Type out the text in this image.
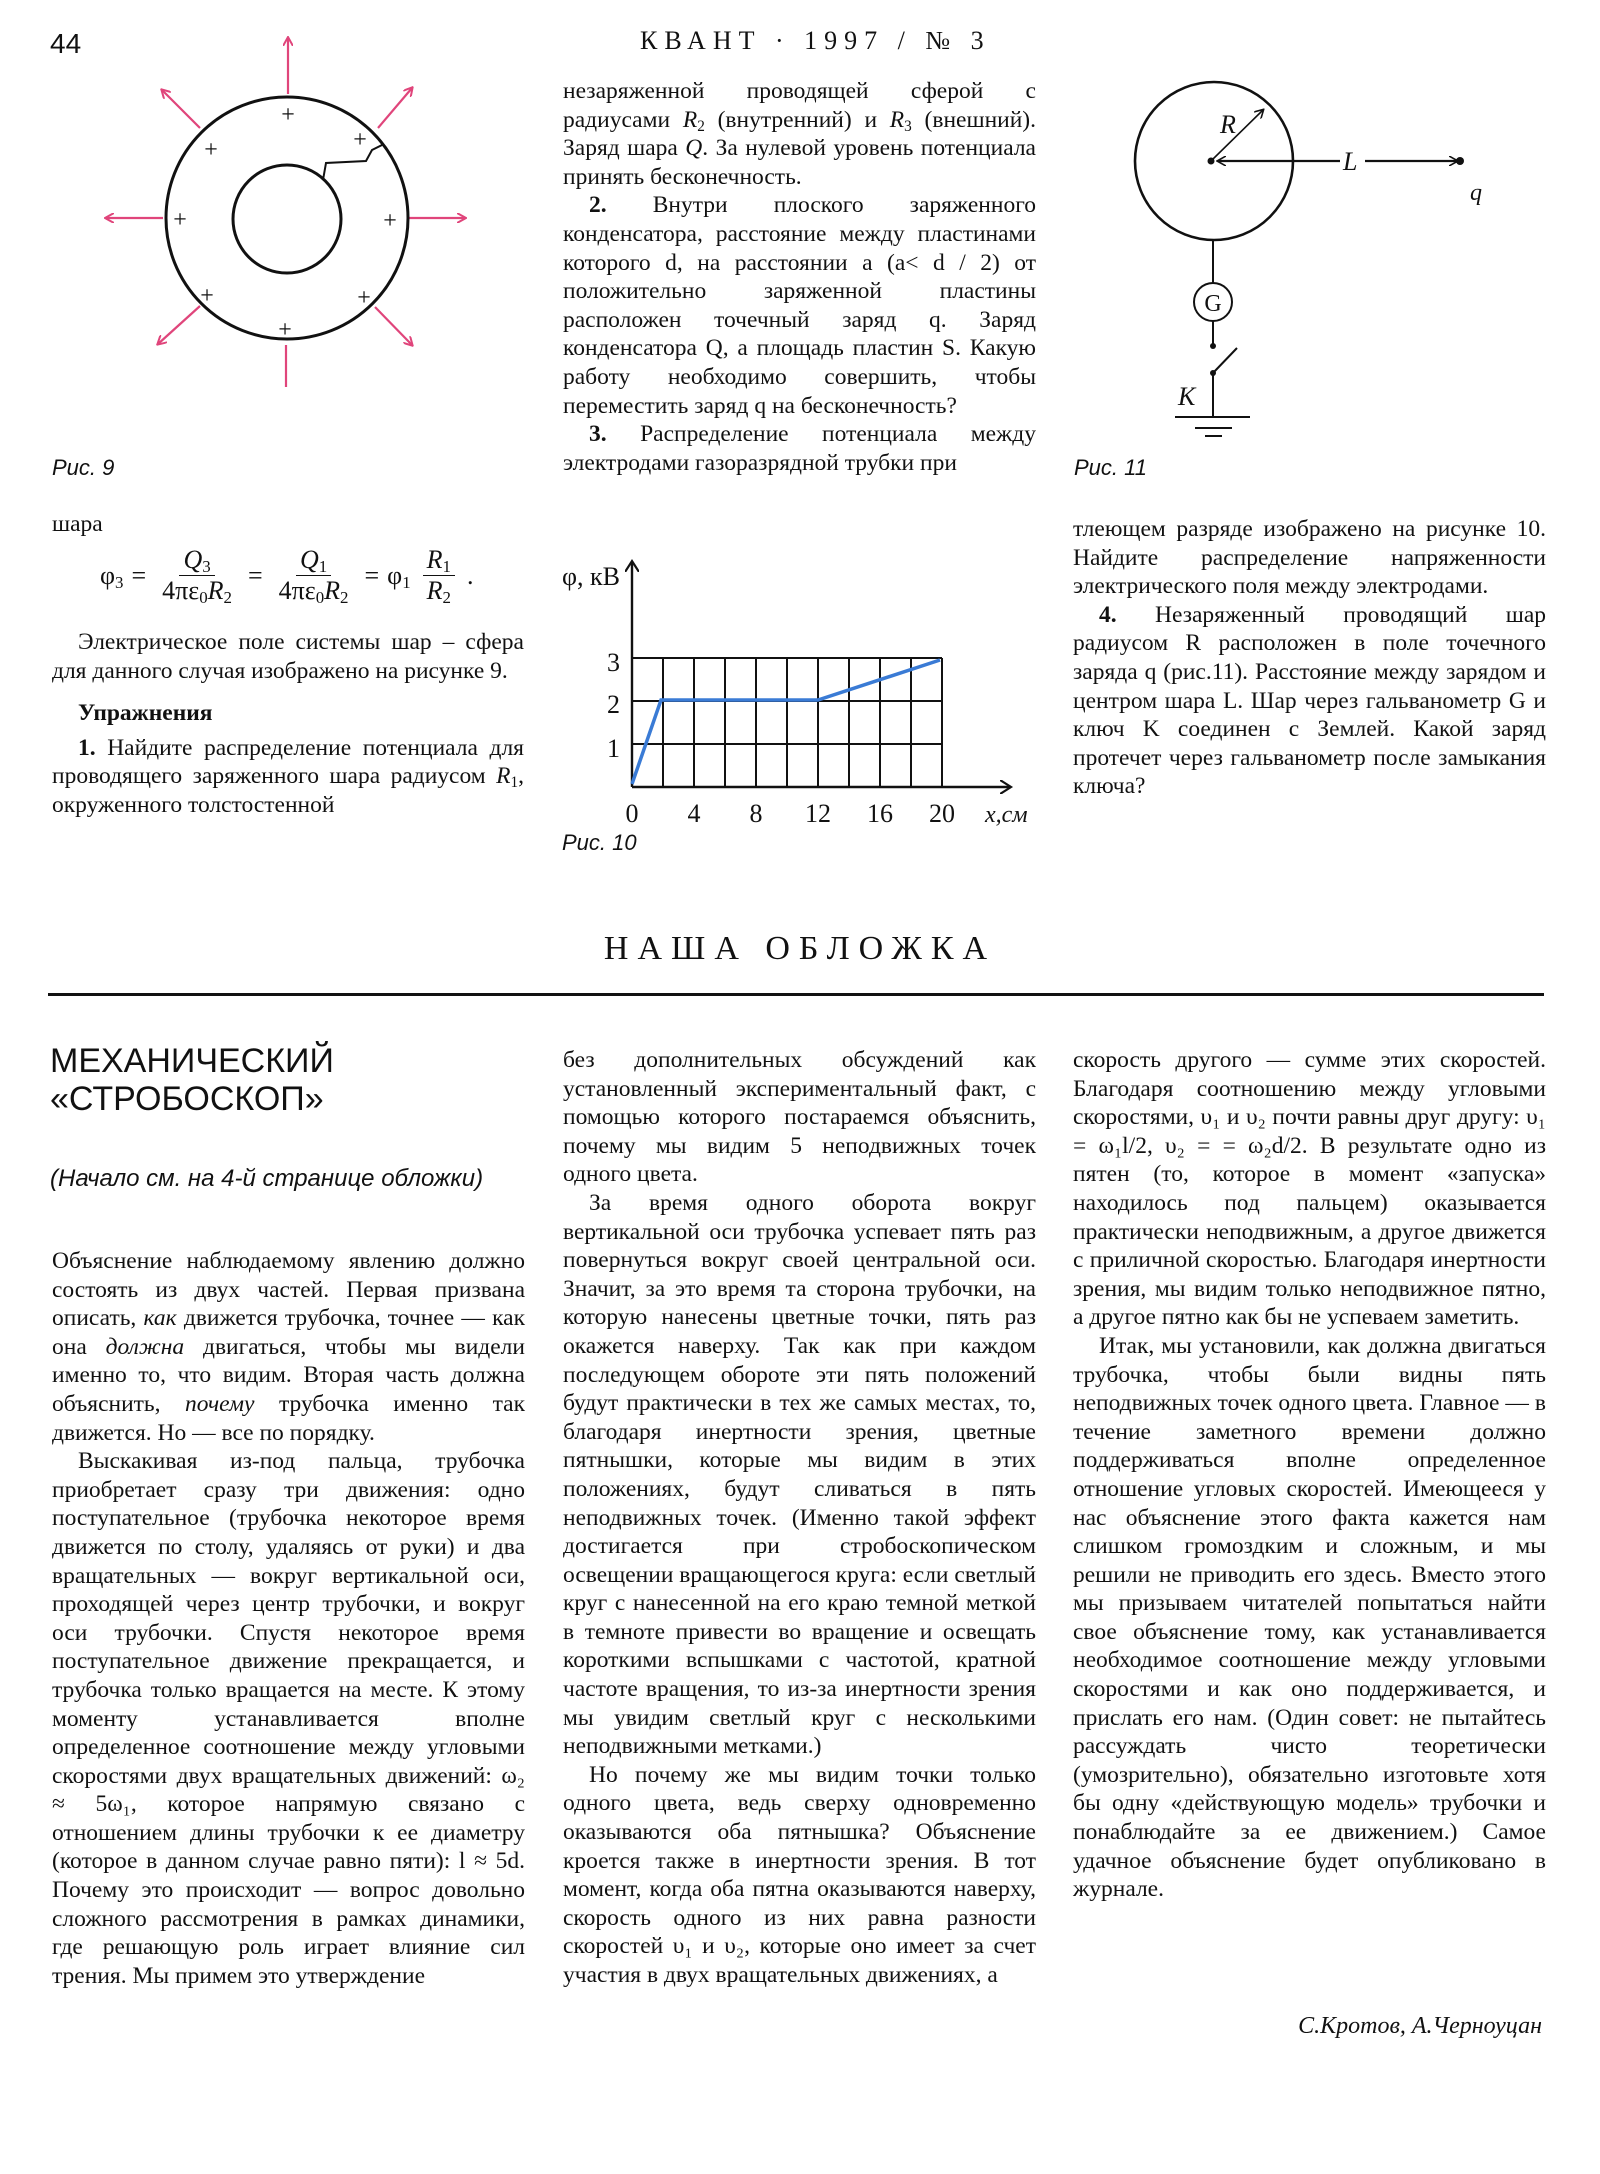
44	КВАНТ · 1997 / № 3
+
+	+
+	+
+	+
+
Рис. 9

шара

$\varphi_3 = \frac{Q_3}{4\pi\varepsilon_0R_2} = \frac{Q_1}{4\pi\varepsilon_0R_2} = \varphi_1 \frac{R_1}{R_2}$ .

Электрическое поле системы шар – сфера для данного случая изображено на рисунке 9.

Упражнения

1. Найдите распределение потенциала для проводящего заряженного шара радиусом $R_1$, окруженного толстостенной

незаряженной проводящей сферой с радиусами $R_2$ (внутренний) и $R_3$ (внешний). Заряд шара Q. За нулевой уровень потенциала принять бесконечность.

2. Внутри плоского заряженного конденсатора, расстояние между пластинами которого d, на расстоянии a (a< d / 2) от положительно заряженной пластины расположен точечный заряд q. Заряд конденсатора Q, а площадь пластин S. Какую работу необходимо совершить, чтобы переместить заряд q на бесконечность?

3. Распределение потенциала между электродами газоразрядной трубки при

3
2
1
0 4 8 12 16 20
φ, кВ
x,см
Рис. 10
R
L
q
G
K
Рис. 11

тлеющем разряде изображено на рисунке 10. Найдите распределение напряженности электрического поля между электродами.

4. Незаряженный проводящий шар радиусом R расположен в поле точечного заряда q (рис.11). Расстояние между зарядом и центром шара L. Шар через гальванометр G и ключ K соединен с Землей. Какой заряд протечет через гальванометр после замыкания ключа?

НАША ОБЛОЖКА
МЕХАНИЧЕСКИЙ
«СТРОБОСКОП»
(Начало см. на 4-й странице обложки)

Объяснение наблюдаемому явлению должно состоять из двух частей. Первая призвана описать, как движется трубочка, точнее — как она должна двигаться, чтобы мы видели именно то, что видим. Вторая часть должна объяснить, почему трубочка именно так движется. Но — все по порядку.

Выскакивая из-под пальца, трубочка приобретает сразу три движения: одно поступательное (трубочка некоторое время движется по столу, удаляясь от руки) и два вращательных — вокруг вертикальной оси, проходящей через центр трубочки, и вокруг оси трубочки. Спустя некоторое время поступательное движение прекращается, и трубочка только вращается на месте. К этому моменту устанавливается вполне определенное соотношение между угловыми скоростями двух вращательных движений: ω₂ ≈ 5ω₁, которое напрямую связано с отношением длины трубочки к ее диаметру (которое в данном случае равно пяти): l ≈ 5d. Почему это происходит — вопрос довольно сложного рассмотрения в рамках динамики, где решающую роль играет влияние сил трения. Мы примем это утверждение

без дополнительных обсуждений как установленный экспериментальный факт, с помощью которого постараемся объяснить, почему мы видим 5 неподвижных точек одного цвета.

За время одного оборота вокруг вертикальной оси трубочка успевает пять раз повернуться вокруг своей центральной оси. Значит, за это время та сторона трубочки, на которую нанесены цветные точки, пять раз окажется наверху. Так как при каждом последующем обороте эти пять положений будут практически в тех же самых местах, то, благодаря инертности зрения, цветные пятнышки, которые мы видим в этих положениях, будут сливаться в пять неподвижных точек. (Именно такой эффект достигается при стробоскопическом освещении вращающегося круга: если светлый круг с нанесенной на его краю темной меткой в темноте привести во вращение и освещать короткими вспышками с частотой, кратной частоте вращения, то из-за инертности зрения мы увидим светлый круг с несколькими неподвижными метками.)

Но почему же мы видим точки только одного цвета, ведь сверху одновременно оказываются оба пятнышка? Объяснение кроется также в инертности зрения. В тот момент, когда оба пятна оказываются наверху, скорость одного из них равна разности скоростей υ₁ и υ₂, которые оно имеет за счет участия в двух вращательных движениях, а

скорость другого — сумме этих скоростей. Благодаря соотношению между угловыми скоростями, υ₁ и υ₂ почти равны друг другу: υ₁ = ω₁l/2, υ₂ = = ω₂d/2. В результате одно из пятен (то, которое в момент «запуска» находилось под пальцем) оказывается практически неподвижным, а другое движется с приличной скоростью. Благодаря инертности зрения, мы видим только неподвижное пятно, а другое пятно как бы не успеваем заметить.

Итак, мы установили, как должна двигаться трубочка, чтобы были видны пять неподвижных точек одного цвета. Главное — в течение заметного времени должно поддерживаться вполне определенное отношение угловых скоростей. Имеющееся у нас объяснение этого факта кажется нам слишком громоздким и сложным, и мы решили не приводить его здесь. Вместо этого мы призываем читателей попытаться найти свое объяснение тому, как устанавливается необходимое соотношение между угловыми скоростями и как оно поддерживается, и прислать его нам. (Один совет: не пытайтесь рассуждать чисто теоретически (умозрительно), обязательно изготовьте хотя бы одну «действующую модель» трубочки и понаблюдайте за ее движением.) Самое удачное объяснение будет опубликовано в журнале.

С.Кротов, А.Черноуцан
